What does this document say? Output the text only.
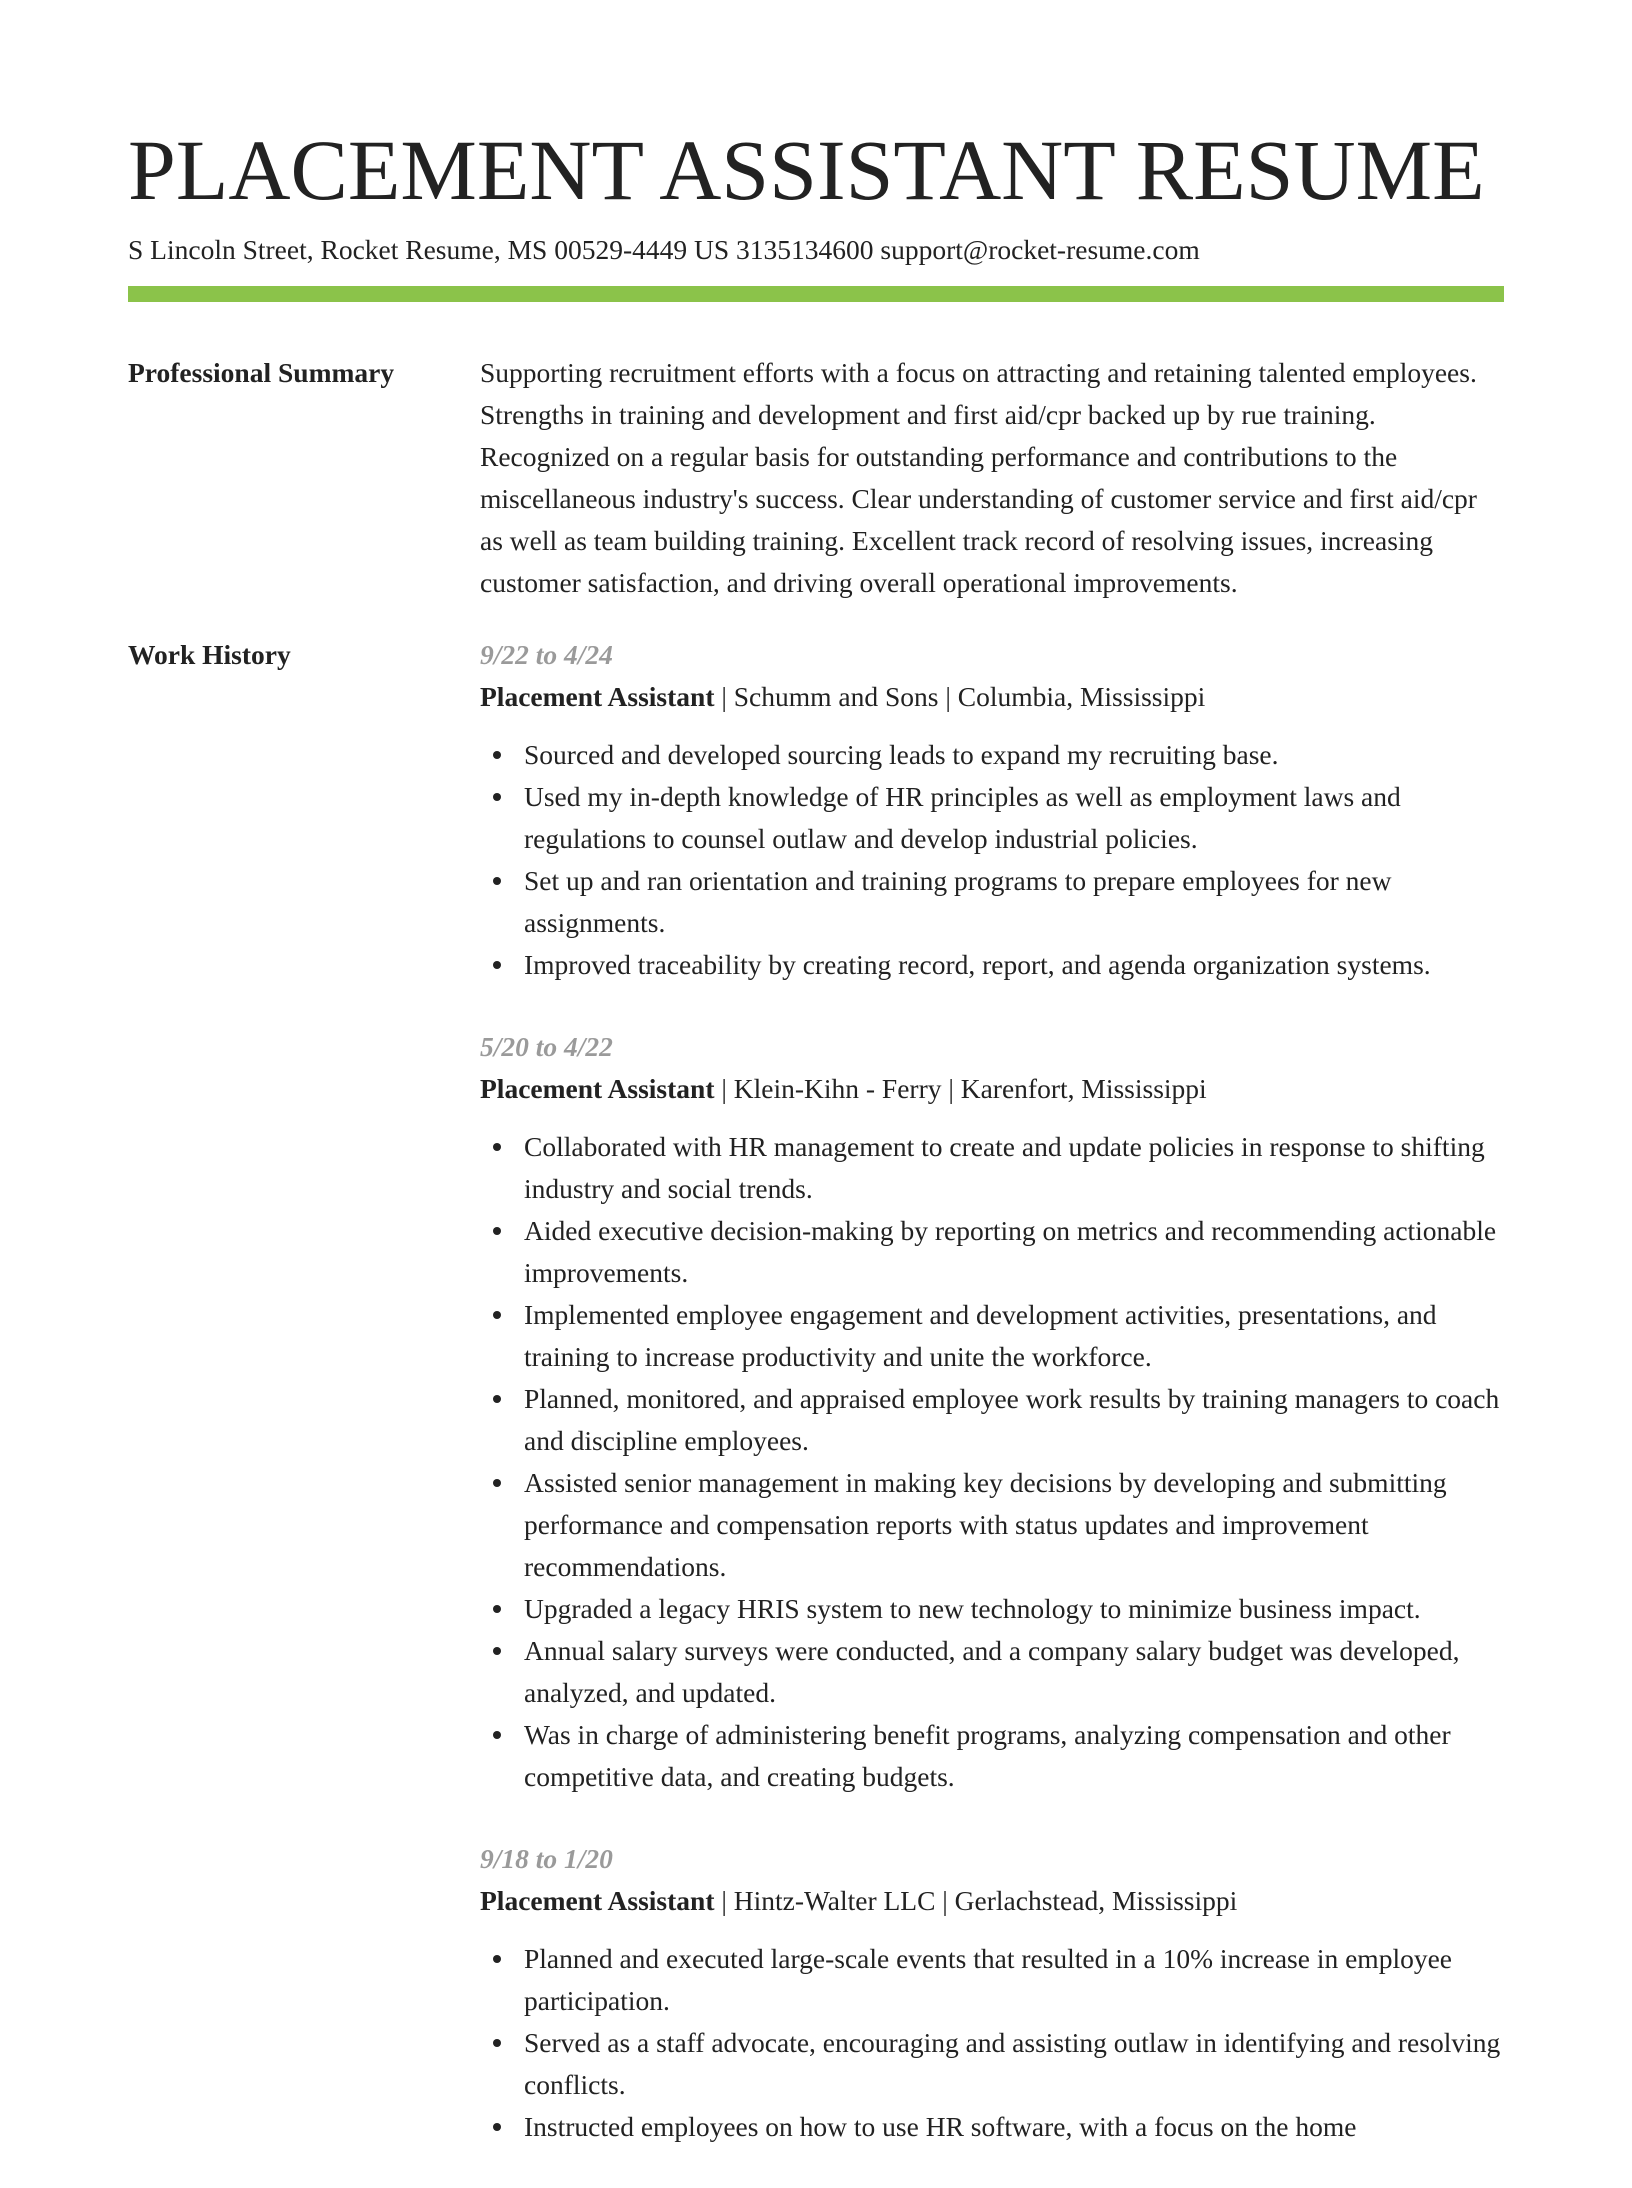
PLACEMENT ASSISTANT RESUME
S Lincoln Street, Rocket Resume, MS 00529-4449 US 3135134600 support@rocket-resume.com
Professional Summary	Supporting recruitment efforts with a focus on attracting and retaining talented employees. Strengths in training and development and first aid/cpr backed up by rue training. Recognized on a regular basis for outstanding performance and contributions to the miscellaneous industry's success. Clear understanding of customer service and first aid/cpr as well as team building training. Excellent track record of resolving issues, increasing customer satisfaction, and driving overall operational improvements.
Work History	9/22 to 4/24
Placement Assistant | Schumm and Sons | Columbia, Mississippi
Sourced and developed sourcing leads to expand my recruiting base.
Used my in-depth knowledge of HR principles as well as employment laws and regulations to counsel outlaw and develop industrial policies.
Set up and ran orientation and training programs to prepare employees for new assignments.
Improved traceability by creating record, report, and agenda organization systems.
5/20 to 4/22
Placement Assistant | Klein-Kihn - Ferry | Karenfort, Mississippi
Collaborated with HR management to create and update policies in response to shifting industry and social trends.
Aided executive decision-making by reporting on metrics and recommending actionable improvements.
Implemented employee engagement and development activities, presentations, and training to increase productivity and unite the workforce.
Planned, monitored, and appraised employee work results by training managers to coach and discipline employees.
Assisted senior management in making key decisions by developing and submitting performance and compensation reports with status updates and improvement recommendations.
Upgraded a legacy HRIS system to new technology to minimize business impact.
Annual salary surveys were conducted, and a company salary budget was developed, analyzed, and updated.
Was in charge of administering benefit programs, analyzing compensation and other competitive data, and creating budgets.
9/18 to 1/20
Placement Assistant | Hintz-Walter LLC | Gerlachstead, Mississippi
Planned and executed large-scale events that resulted in a 10% increase in employee participation.
Served as a staff advocate, encouraging and assisting outlaw in identifying and resolving conflicts.
Instructed employees on how to use HR software, with a focus on the home
